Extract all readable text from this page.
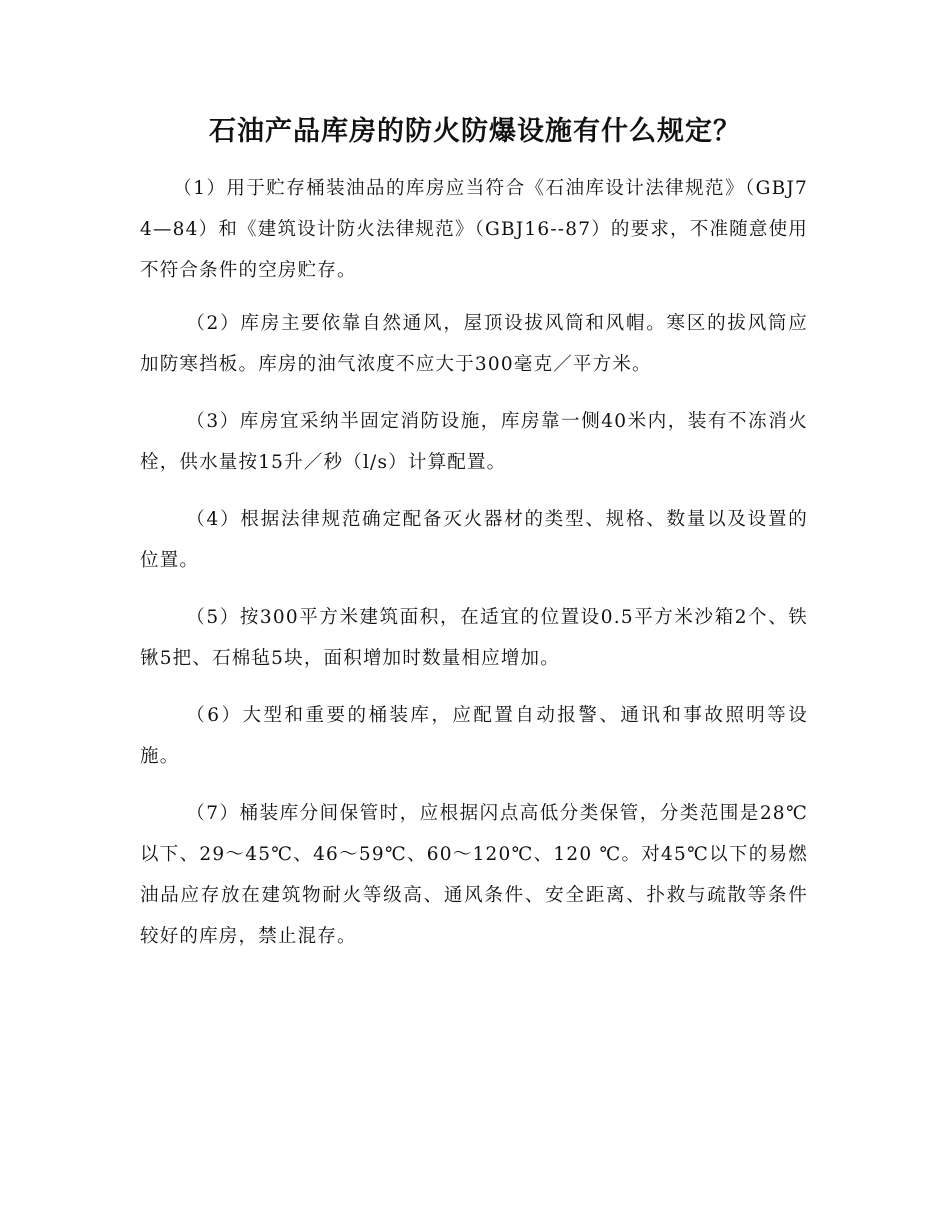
石油产品库房的防火防爆设施有什么规定？

（1）用于贮存桶装油品的库房应当符合《石油库设计法律规范》（GBJ74—84）和《建筑设计防火法律规范》（GBJ16--87）的要求，不准随意使用不符合条件的空房贮存。

（2）库房主要依靠自然通风，屋顶设拔风筒和风帽。寒区的拔风筒应加防寒挡板。库房的油气浓度不应大于300毫克／平方米。

（3）库房宜采纳半固定消防设施，库房靠一侧40米内，装有不冻消火栓，供水量按15升／秒（l/s）计算配置。

（4）根据法律规范确定配备灭火器材的类型、规格、数量以及设置的位置。

（5）按300平方米建筑面积，在适宜的位置设0.5平方米沙箱2个、铁锹5把、石棉毡5块，面积增加时数量相应增加。

（6）大型和重要的桶装库，应配置自动报警、通讯和事故照明等设施。

（7）桶装库分间保管时，应根据闪点高低分类保管，分类范围是28℃以下、29～45℃、46～59℃、60～120℃、120 ℃。对45℃以下的易燃油品应存放在建筑物耐火等级高、通风条件、安全距离、扑救与疏散等条件较好的库房，禁止混存。
